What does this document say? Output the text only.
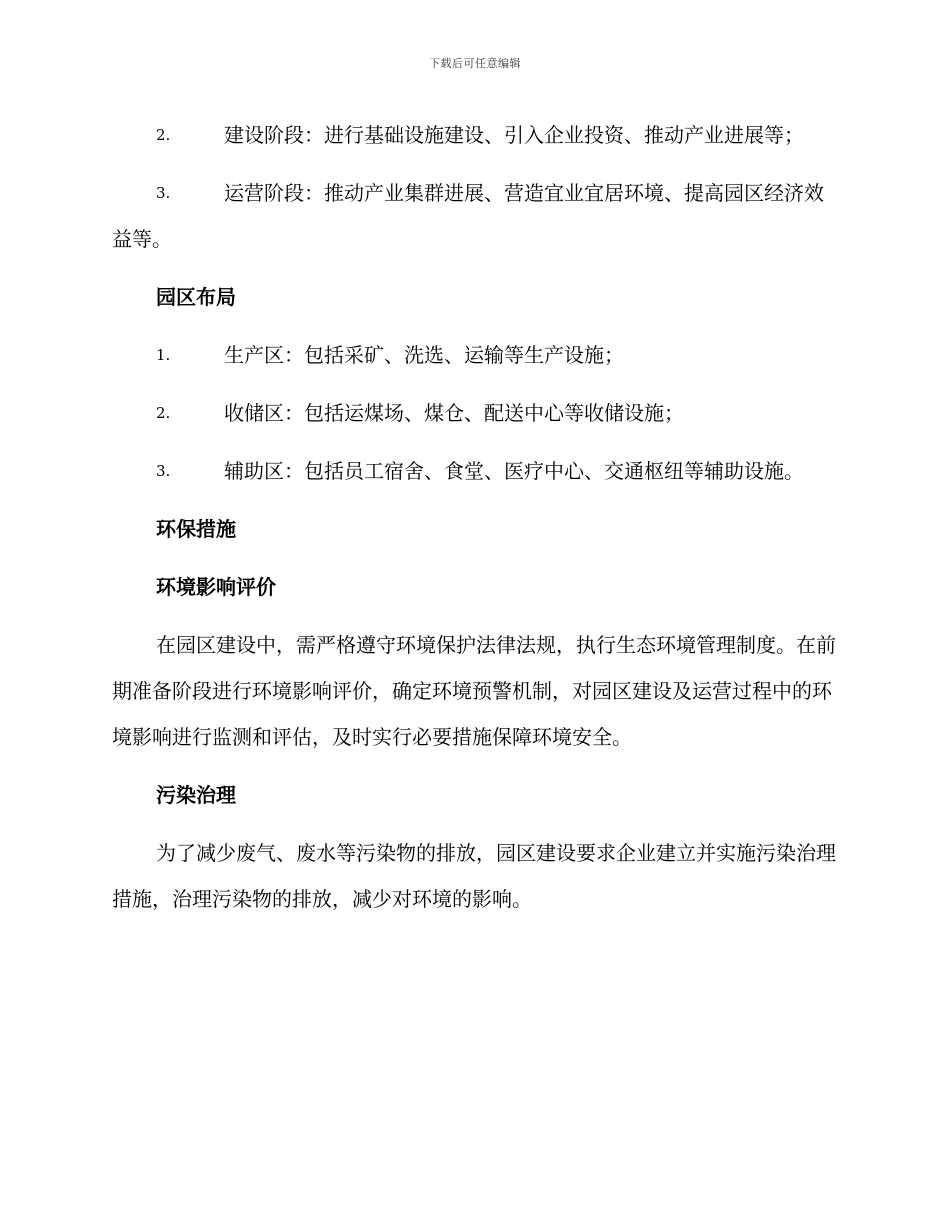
下载后可任意编辑
2.	建设阶段：进行基础设施建设、引入企业投资、推动产业进展等；
3.	运营阶段：推动产业集群进展、营造宜业宜居环境、提高园区经济效益等。
园区布局
1.	生产区：包括采矿、洗选、运输等生产设施；
2.	收储区：包括运煤场、煤仓、配送中心等收储设施；
3.	辅助区：包括员工宿舍、食堂、医疗中心、交通枢纽等辅助设施。
环保措施
环境影响评价
在园区建设中，需严格遵守环境保护法律法规，执行生态环境管理制度。在前期准备阶段进行环境影响评价，确定环境预警机制，对园区建设及运营过程中的环境影响进行监测和评估，及时实行必要措施保障环境安全。
污染治理
为了减少废气、废水等污染物的排放，园区建设要求企业建立并实施污染治理措施，治理污染物的排放，减少对环境的影响。
